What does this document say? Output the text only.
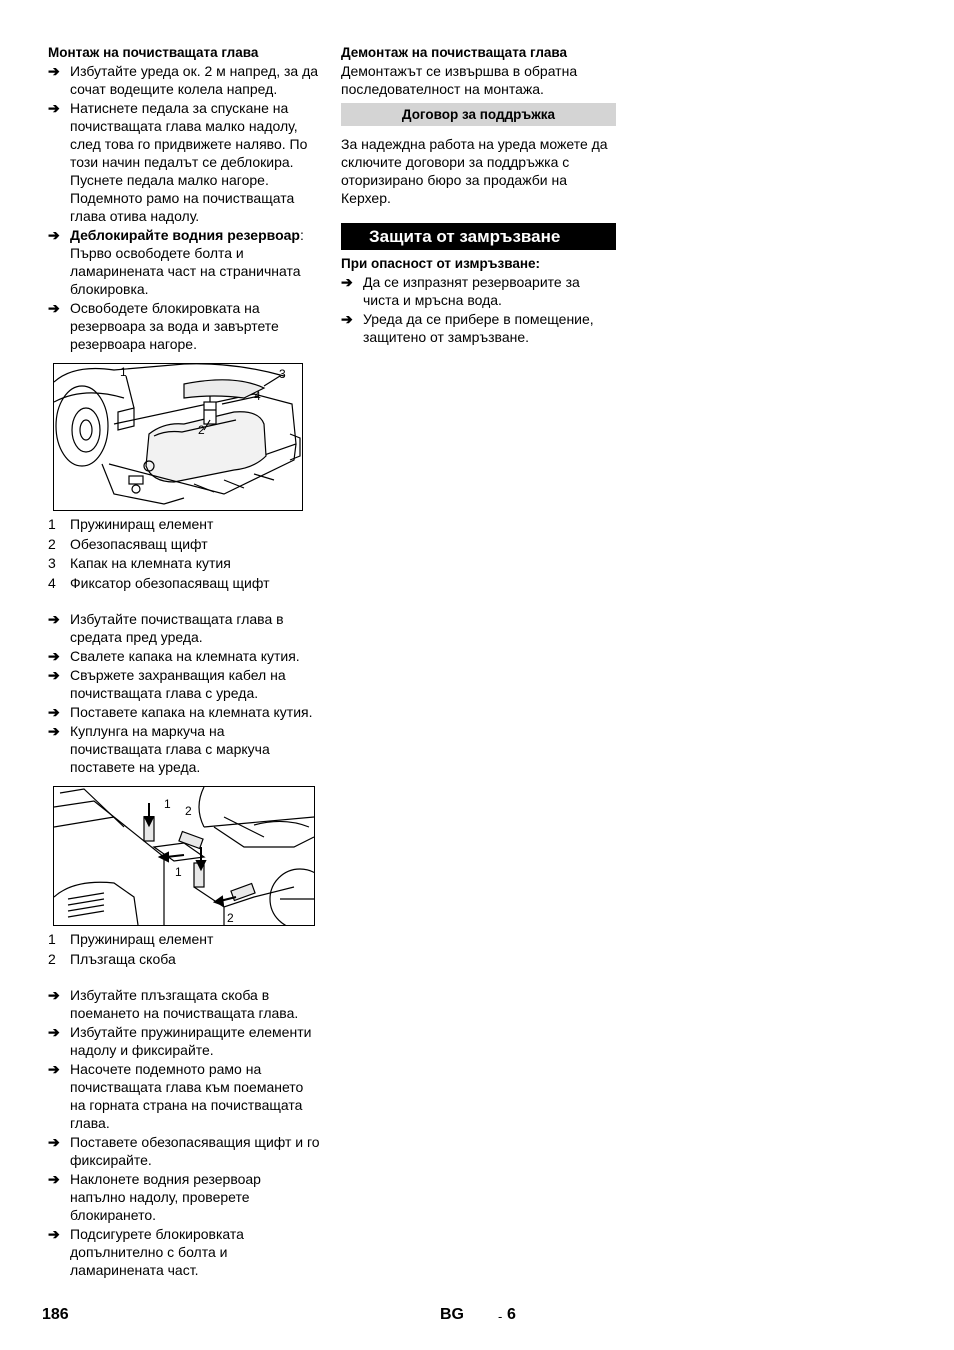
Монтаж на почистващата глава

➔ Избутайте уреда ок. 2 м напред, за да сочат водещите колела напред.
➔ Натиснете педала за спускане на почистващата глава малко надолу, след това го придвижете наляво. По този начин педалът се деблокира. Пуснете педала малко нагоре. Подемното рамо на почистващата глава отива надолу.
➔ Деблокирайте водния резервоар: Първо освободете болта и ламаринената част на страничната блокировка.
➔ Освободете блокировката на резервоара за вода и завъртете резервоара нагоре.
1
2
3
4
1 Пружиниращ елемент
2 Обезопасяващ щифт
3 Капак на клемната кутия
4 Фиксатор обезопасяващ щифт
➔ Избутайте почистващата глава в средата пред уреда.
➔ Свалете капака на клемната кутия.
➔ Свържете захранващия кабел на почистващата глава с уреда.
➔ Поставете капака на клемната кутия.
➔ Куплунга на маркуча на почистващата глава с маркуча поставете на уреда.
1 2
1
2
1 Пружиниращ елемент
2 Плъзгаща скоба
➔ Избутайте плъзгащата скоба в поемането на почистващата глава.
➔ Избутайте пружиниращите елементи надолу и фиксирайте.
➔ Насочете подемното рамо на почистващата глава към поемането на горната страна на почистващата глава.
➔ Поставете обезопасяващия щифт и го фиксирайте.
➔ Наклонете водния резервоар напълно надолу, проверете блокирането.
➔ Подсигурете блокировката допълнително с болта и ламаринената част.

Демонтаж на почистващата глава

Демонтажът се извършва в обратна последователност на монтажа.

Договор за поддръжка

За надеждна работа на уреда можете да сключите договори за поддръжка с оторизирано бюро за продажби на Керхер.

Защита от замръзване

При опасност от измръзване:

➔ Да се изпразнят резервоарите за чиста и мръсна вода.
➔ Уреда да се прибере в помещение, защитено от замръзване.
186	BG	- 6
